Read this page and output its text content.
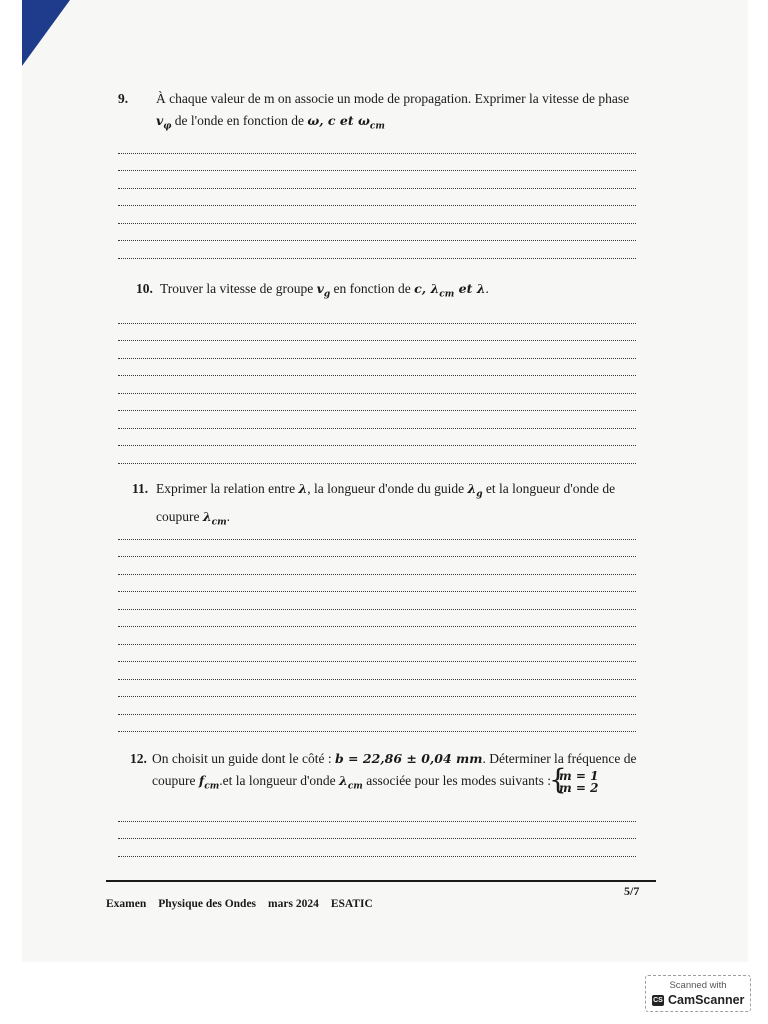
9.	À chaque valeur de m on associe un mode de propagation. Exprimer la vitesse de phase
$v_\varphi$ de l'onde en fonction de ω, c et $\omega_{cm}$
10. Trouver la vitesse de groupe $v_g$ en fonction de c, $\lambda_{cm}$ et λ.
11. Exprimer la relation entre λ, la longueur d'onde du guide $\lambda_g$ et la longueur d'onde de
coupure $\lambda_{cm}$.
12. On choisit un guide dont le côté : b = 22,86 ± 0,04 mm. Déterminer la fréquence de
coupure $f_{cm}.et$ la longueur d'onde $\lambda_{cm}$ associée pour les modes suivants :
{ m = 1
m = 2
5/7
Examen Physique des Ondes mars 2024 ESATIC
Scanned with
CS CamScanner
